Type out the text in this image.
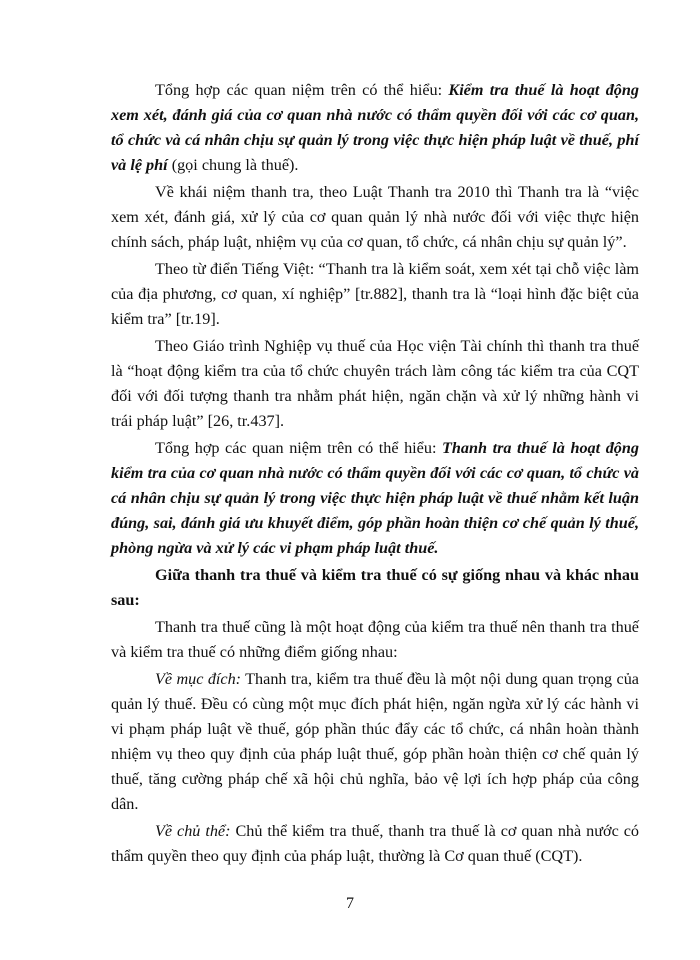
Tổng hợp các quan niệm trên có thể hiểu: Kiểm tra thuế là hoạt động xem xét, đánh giá của cơ quan nhà nước có thẩm quyền đối với các cơ quan, tổ chức và cá nhân chịu sự quản lý trong việc thực hiện pháp luật về thuế, phí và lệ phí (gọi chung là thuế).

Về khái niệm thanh tra, theo Luật Thanh tra 2010 thì Thanh tra là “việc xem xét, đánh giá, xử lý của cơ quan quản lý nhà nước đối với việc thực hiện chính sách, pháp luật, nhiệm vụ của cơ quan, tổ chức, cá nhân chịu sự quản lý”.

Theo từ điển Tiếng Việt: “Thanh tra là kiểm soát, xem xét tại chỗ việc làm của địa phương, cơ quan, xí nghiệp” [tr.882], thanh tra là “loại hình đặc biệt của kiểm tra” [tr.19].

Theo Giáo trình Nghiệp vụ thuế của Học viện Tài chính thì thanh tra thuế là “hoạt động kiểm tra của tổ chức chuyên trách làm công tác kiểm tra của CQT đối với đối tượng thanh tra nhằm phát hiện, ngăn chặn và xử lý những hành vi trái pháp luật” [26, tr.437].

Tổng hợp các quan niệm trên có thể hiểu: Thanh tra thuế là hoạt động kiểm tra của cơ quan nhà nước có thẩm quyền đối với các cơ quan, tổ chức và cá nhân chịu sự quản lý trong việc thực hiện pháp luật về thuế nhằm kết luận đúng, sai, đánh giá ưu khuyết điểm, góp phần hoàn thiện cơ chế quản lý thuế, phòng ngừa và xử lý các vi phạm pháp luật thuế.

Giữa thanh tra thuế và kiểm tra thuế có sự giống nhau và khác nhau sau:

Thanh tra thuế cũng là một hoạt động của kiểm tra thuế nên thanh tra thuế và kiểm tra thuế có những điểm giống nhau:

Về mục đích: Thanh tra, kiểm tra thuế đều là một nội dung quan trọng của quản lý thuế. Đều có cùng một mục đích phát hiện, ngăn ngừa xử lý các hành vi vi phạm pháp luật về thuế, góp phần thúc đẩy các tổ chức, cá nhân hoàn thành nhiệm vụ theo quy định của pháp luật thuế, góp phần hoàn thiện cơ chế quản lý thuế, tăng cường pháp chế xã hội chủ nghĩa, bảo vệ lợi ích hợp pháp của công dân.

Về chủ thể: Chủ thể kiểm tra thuế, thanh tra thuế là cơ quan nhà nước có thẩm quyền theo quy định của pháp luật, thường là Cơ quan thuế (CQT).

7
